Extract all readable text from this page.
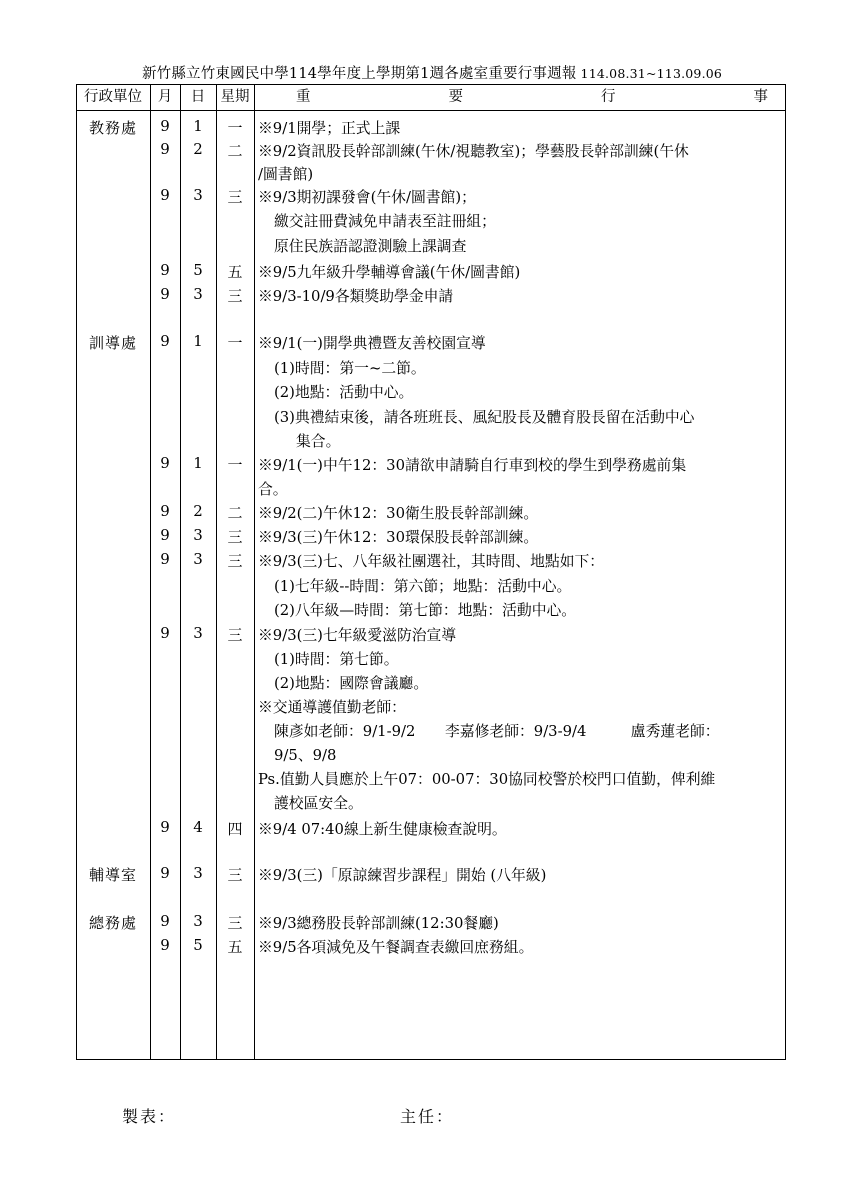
新竹縣立竹東國民中學114學年度上學期第1週各處室重要行事週報 114.08.31~113.09.06
行政單位	月	日	星期	重	要	行	事
教務處	9	1	一	※9/1開學；正式上課
9	2	二	※9/2資訊股長幹部訓練(午休/視聽教室)；學藝股長幹部訓練(午休
/圖書館)
9	3	三	※9/3期初課發會(午休/圖書館)；
繳交註冊費減免申請表至註冊組；
原住民族語認證測驗上課調查
9	5	五	※9/5九年級升學輔導會議(午休/圖書館)
9	3	三	※9/3-10/9各類獎助學金申請
訓導處	9	1	一	※9/1(一)開學典禮暨友善校園宣導
(1)時間：第一~二節。
(2)地點：活動中心。
(3)典禮結束後，請各班班長、風紀股長及體育股長留在活動中心
集合。
9	1	一	※9/1(一)中午12：30請欲申請騎自行車到校的學生到學務處前集
合。
9	2	二	※9/2(二)午休12：30衛生股長幹部訓練。
9	3	三	※9/3(三)午休12：30環保股長幹部訓練。
9	3	三	※9/3(三)七、八年級社團選社，其時間、地點如下：
(1)七年級--時間：第六節；地點：活動中心。
(2)八年級—時間：第七節：地點：活動中心。
9	3	三	※9/3(三)七年級愛滋防治宣導
(1)時間：第七節。
(2)地點：國際會議廳。
※交通導護值勤老師：
陳彥如老師：9/1-9/2　　李嘉修老師：9/3-9/4　　　盧秀蓮老師：
9/5、9/8
Ps.值勤人員應於上午07：00-07：30協同校警於校門口值勤，俾利維
護校區安全。
9	4	四	※9/4 07:40線上新生健康檢查說明。
輔導室	9	3	三	※9/3(三)「原諒練習步課程」開始 (八年級)
總務處	9	3	三	※9/3總務股長幹部訓練(12:30餐廳)
9	5	五	※9/5各項減免及午餐調查表繳回庶務組。
製表：	主任：
